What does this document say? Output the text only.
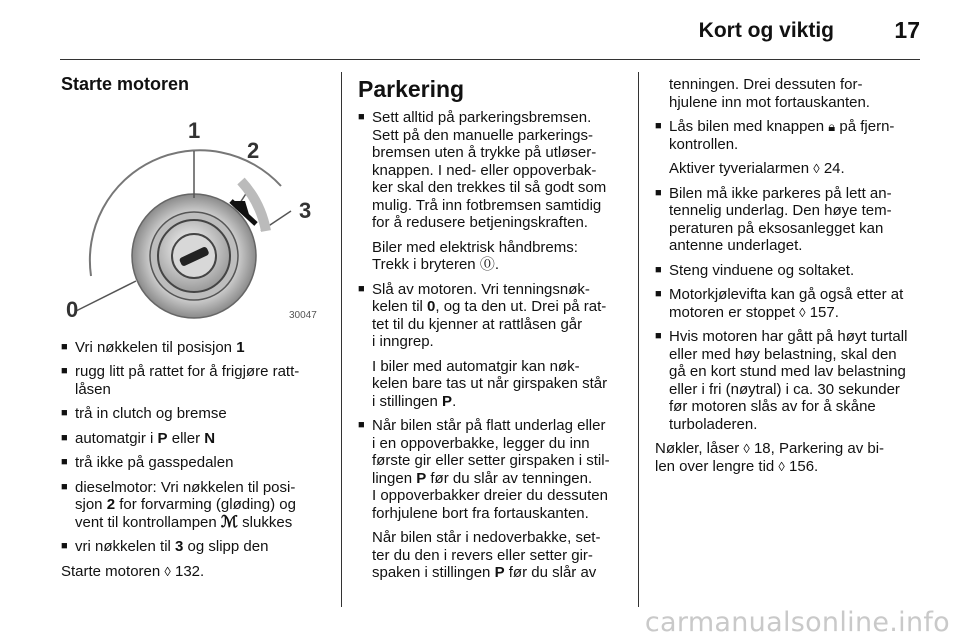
Kort og viktig	17
Starte motoren
1
2
3
0	30047
■ Vri nøkkelen til posisjon 1
■ rugg litt på rattet for å frigjøre ratt-
låsen
■ trå in clutch og bremse
■ automatgir i P eller N
■ trå ikke på gasspedalen
■ dieselmotor: Vri nøkkelen til posi-
sjon 2 for forvarming (gløding) og
vent til kontrollampen ℳ slukkes
■ vri nøkkelen til 3 og slipp den
Starte motoren ◊ 132.
Parkering
■ Sett alltid på parkeringsbremsen.
Sett på den manuelle parkerings-
bremsen uten å trykke på utløser-
knappen. I ned- eller oppoverbak-
ker skal den trekkes til så godt som
mulig. Trå inn fotbremsen samtidig
for å redusere betjeningskraften.
Biler med elektrisk håndbrems:
Trekk i bryteren ⓪.
■ Slå av motoren. Vri tenningsnøk-
kelen til 0, og ta den ut. Drei på rat-
tet til du kjenner at rattlåsen går
i inngrep.
I biler med automatgir kan nøk-
kelen bare tas ut når girspaken står
i stillingen P.
■ Når bilen står på flatt underlag eller
i en oppoverbakke, legger du inn
første gir eller setter girspaken i stil-
lingen P før du slår av tenningen.
I oppoverbakker dreier du dessuten
forhjulene bort fra fortauskanten.
Når bilen står i nedoverbakke, set-
ter du den i revers eller setter gir-
spaken i stillingen P før du slår av
tenningen. Drei dessuten for-
hjulene inn mot fortauskanten.
■ Lås bilen med knappen 🔒︎ på fjern-
kontrollen.
Aktiver tyverialarmen ◊ 24.
■ Bilen må ikke parkeres på lett an-
tennelig underlag. Den høye tem-
peraturen på eksosanlegget kan
antenne underlaget.
■ Steng vinduene og soltaket.
■ Motorkjølevifta kan gå også etter at
motoren er stoppet ◊ 157.
■ Hvis motoren har gått på høyt turtall
eller med høy belastning, skal den
gå en kort stund med lav belastning
eller i fri (nøytral) i ca. 30 sekunder
før motoren slås av for å skåne
turboladeren.
Nøkler, låser ◊ 18, Parkering av bi-
len over lengre tid ◊ 156.
carmanualsonline.info
